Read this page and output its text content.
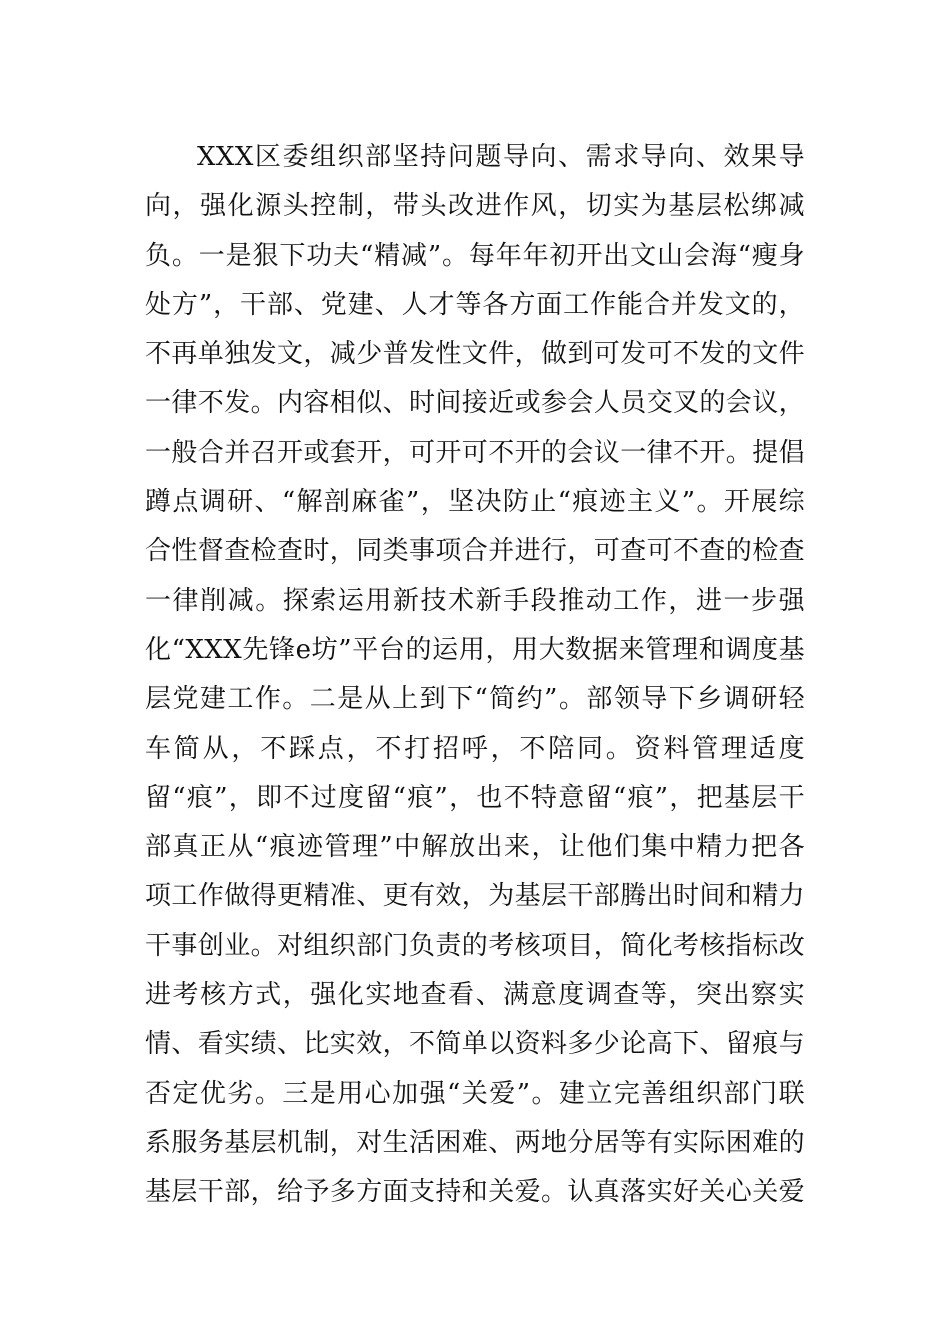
XXX区委组织部坚持问题导向、需求导向、效果导向，强化源头控制，带头改进作风，切实为基层松绑减负。一是狠下功夫“精减”。每年年初开出文山会海“瘦身处方”，干部、党建、人才等各方面工作能合并发文的，不再单独发文，减少普发性文件，做到可发可不发的文件一律不发。内容相似、时间接近或参会人员交叉的会议，一般合并召开或套开，可开可不开的会议一律不开。提倡蹲点调研、“解剖麻雀”，坚决防止“痕迹主义”。开展综合性督查检查时，同类事项合并进行，可查可不查的检查一律削减。探索运用新技术新手段推动工作，进一步强化“XXX先锋e坊”平台的运用，用大数据来管理和调度基层党建工作。二是从上到下“简约”。部领导下乡调研轻车简从，不踩点，不打招呼，不陪同。资料管理适度留“痕”，即不过度留“痕”，也不特意留“痕”，把基层干部真正从“痕迹管理”中解放出来，让他们集中精力把各项工作做得更精准、更有效，为基层干部腾出时间和精力干事创业。对组织部门负责的考核项目，简化考核指标改进考核方式，强化实地查看、满意度调查等，突出察实情、看实绩、比实效，不简单以资料多少论高下、留痕与否定优劣。三是用心加强“关爱”。建立完善组织部门联系服务基层机制，对生活困难、两地分居等有实际困难的基层干部，给予多方面支持和关爱。认真落实好关心关爱
